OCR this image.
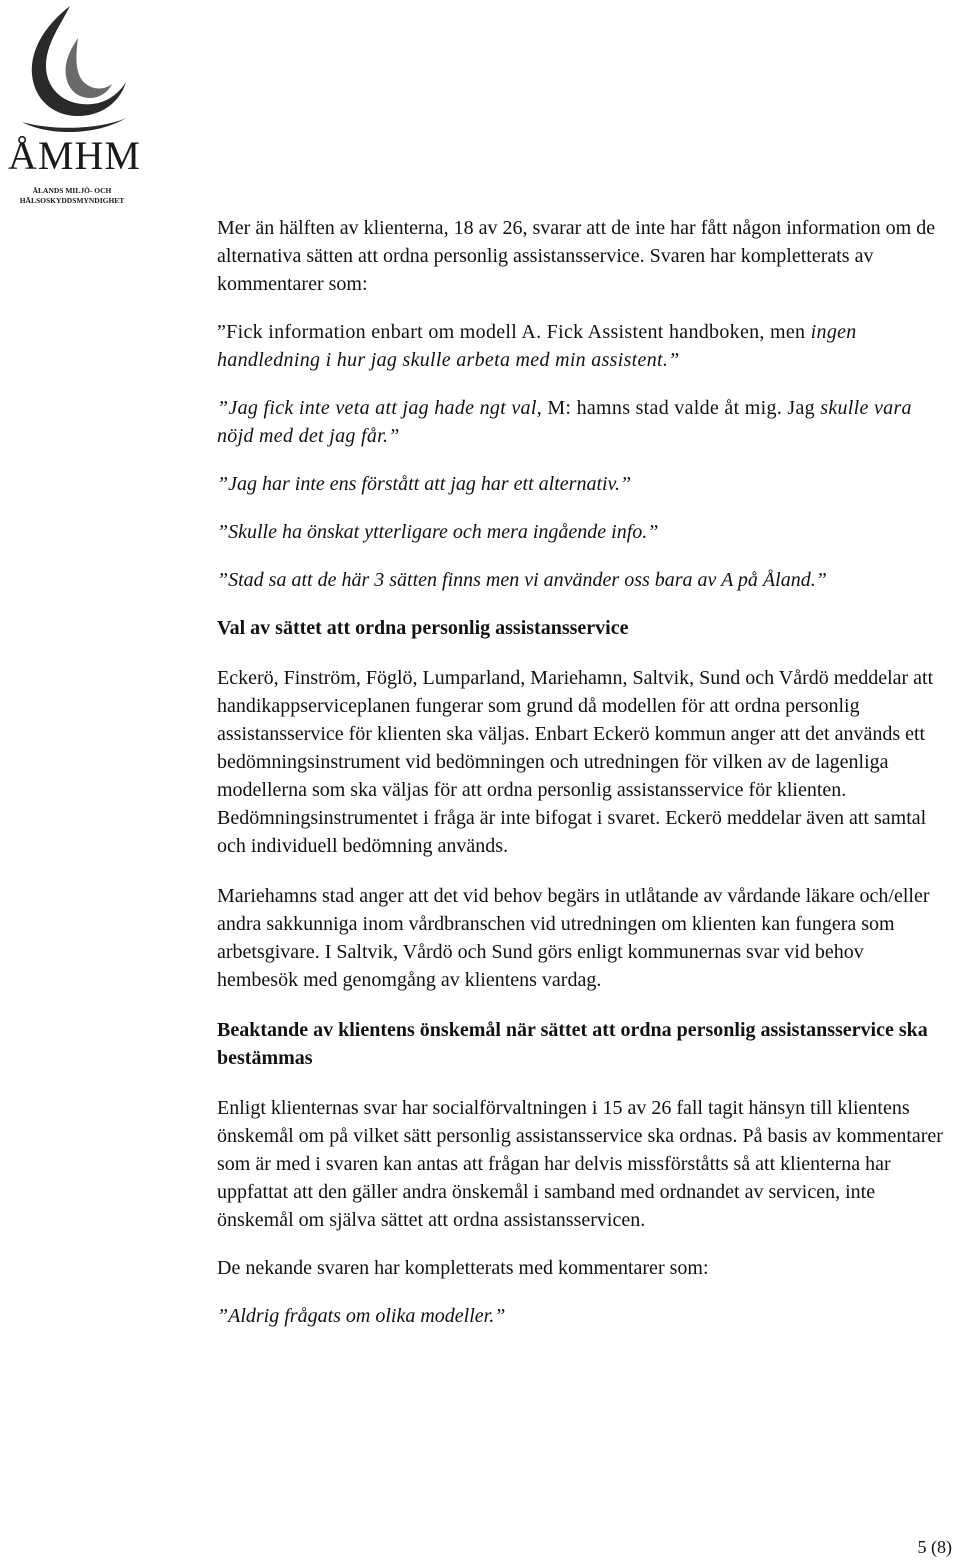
ÅMHM
ÅLANDS MILJÖ- OCH
HÄLSOSKYDDSMYNDIGHET

Mer än hälften av klienterna, 18 av 26, svarar att de inte har fått någon information om de alternativa sätten att ordna personlig assistansservice. Svaren har kompletterats av kommentarer som:

”Fick information enbart om modell A. Fick Assistent handboken, men ingen handledning i hur jag skulle arbeta med min assistent.”

”Jag fick inte veta att jag hade ngt val, M: hamns stad valde åt mig. Jag skulle vara nöjd med det jag får.”

”Jag har inte ens förstått att jag har ett alternativ.”

”Skulle ha önskat ytterligare och mera ingående info.”

”Stad sa att de här 3 sätten finns men vi använder oss bara av A på Åland.”

Val av sättet att ordna personlig assistansservice

Eckerö, Finström, Föglö, Lumparland, Mariehamn, Saltvik, Sund och Vårdö meddelar att handikappserviceplanen fungerar som grund då modellen för att ordna personlig assistansservice för klienten ska väljas. Enbart Eckerö kommun anger att det används ett bedömningsinstrument vid bedömningen och utredningen för vilken av de lagenliga modellerna som ska väljas för att ordna personlig assistansservice för klienten. Bedömningsinstrumentet i fråga är inte bifogat i svaret. Eckerö meddelar även att samtal och individuell bedömning används.

Mariehamns stad anger att det vid behov begärs in utlåtande av vårdande läkare och/eller andra sakkunniga inom vårdbranschen vid utredningen om klienten kan fungera som arbetsgivare. I Saltvik, Vårdö och Sund görs enligt kommunernas svar vid behov hembesök med genomgång av klientens vardag.

Beaktande av klientens önskemål när sättet att ordna personlig assistansservice ska bestämmas

Enligt klienternas svar har socialförvaltningen i 15 av 26 fall tagit hänsyn till klientens önskemål om på vilket sätt personlig assistansservice ska ordnas. På basis av kommentarer som är med i svaren kan antas att frågan har delvis missförståtts så att klienterna har uppfattat att den gäller andra önskemål i samband med ordnandet av servicen, inte önskemål om själva sättet att ordna assistansservicen.

De nekande svaren har kompletterats med kommentarer som:

”Aldrig frågats om olika modeller.”

5 (8)
